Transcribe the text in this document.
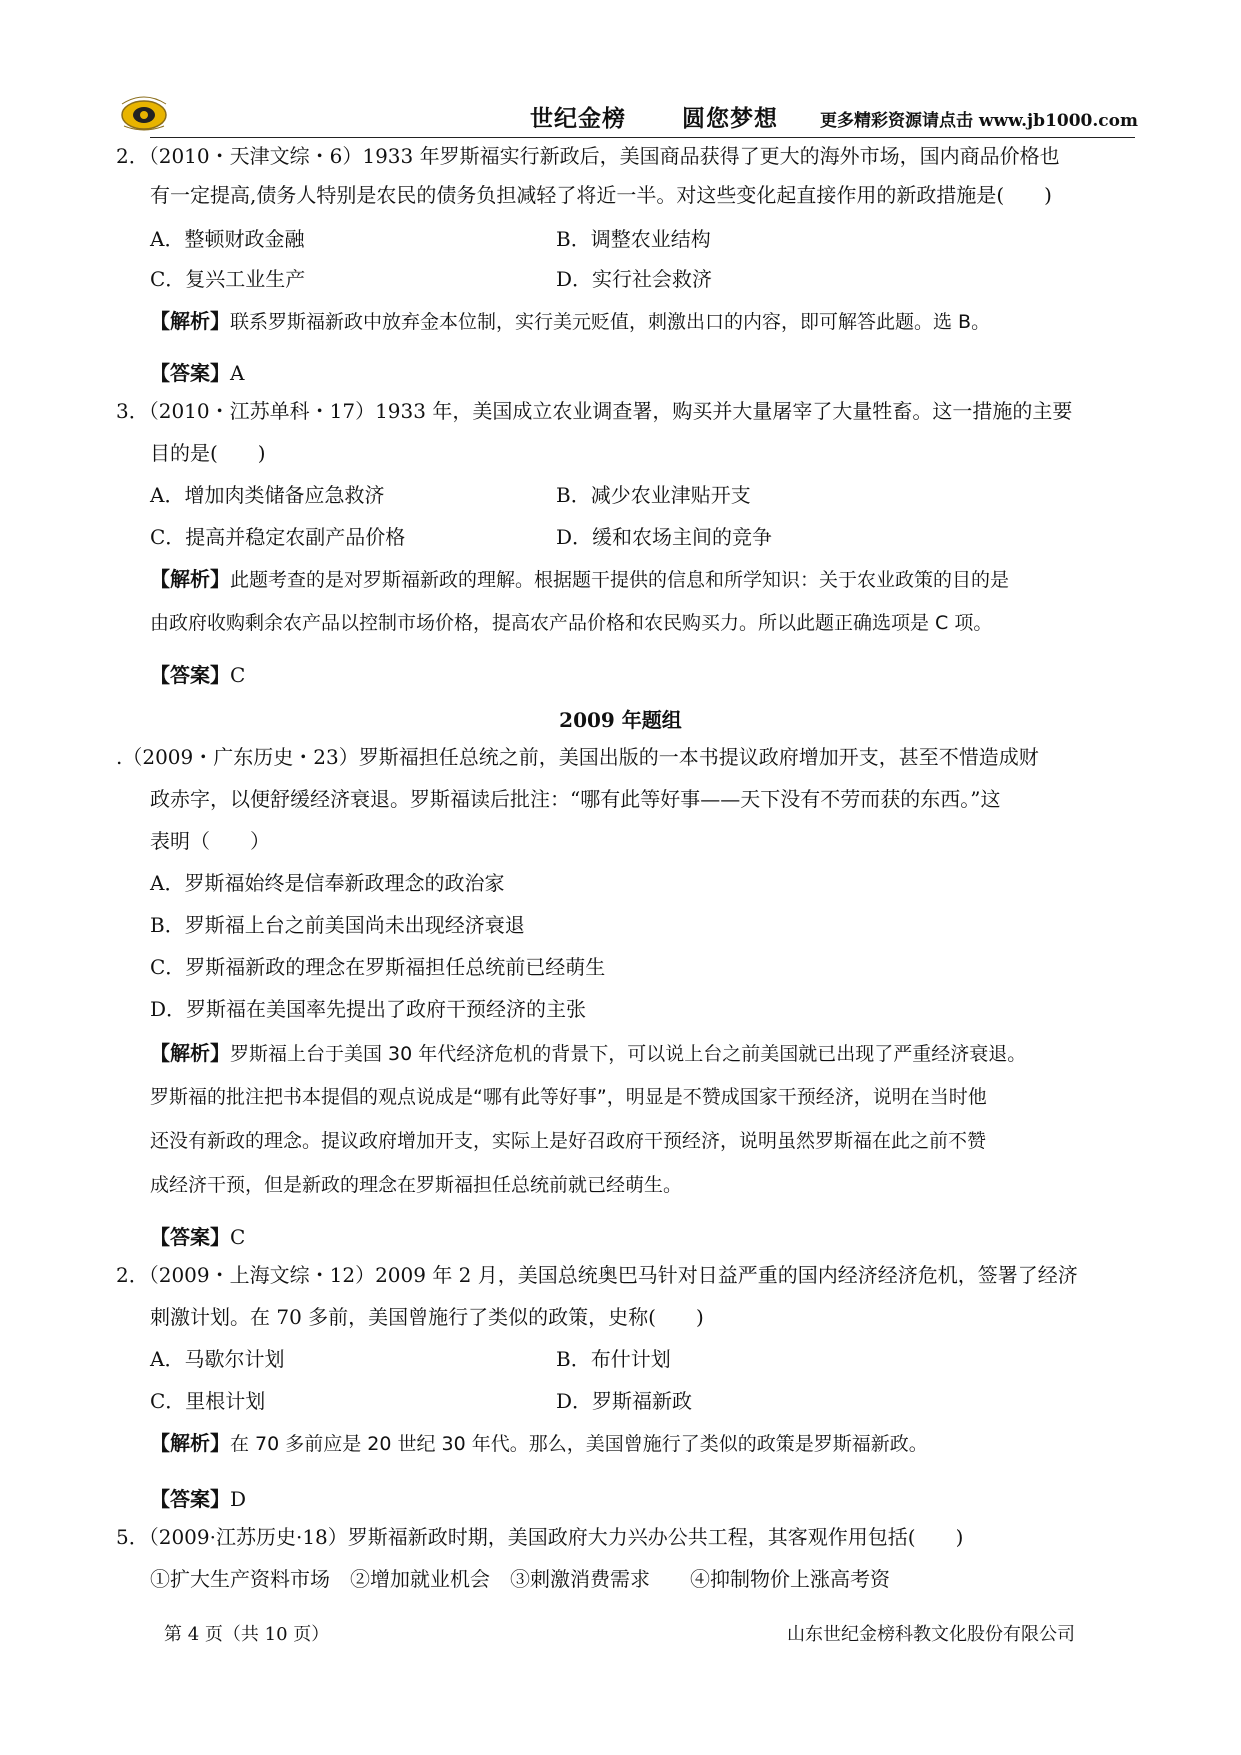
世纪金榜 圆您梦想 更多精彩资源请点击 www.jb1000.com
2．（2010・天津文综・6）1933 年罗斯福实行新政后，美国商品获得了更大的海外市场，国内商品价格也
有一定提高,债务人特别是农民的债务负担减轻了将近一半。对这些变化起直接作用的新政措施是(　　)
A．整顿财政金融	B．调整农业结构
C．复兴工业生产	D．实行社会救济
【解析】联系罗斯福新政中放弃金本位制，实行美元贬值，刺激出口的内容，即可解答此题。选 B。
【答案】A
3．（2010・江苏单科・17）1933 年，美国成立农业调查署，购买并大量屠宰了大量牲畜。这一措施的主要
目的是(　　)
A．增加肉类储备应急救济	B．减少农业津贴开支
C．提高并稳定农副产品价格	D．缓和农场主间的竞争
【解析】此题考查的是对罗斯福新政的理解。根据题干提供的信息和所学知识：关于农业政策的目的是
由政府收购剩余农产品以控制市场价格，提高农产品价格和农民购买力。所以此题正确选项是 C 项。
【答案】C
2009 年题组
.（2009・广东历史・23）罗斯福担任总统之前，美国出版的一本书提议政府增加开支，甚至不惜造成财
政赤字，以便舒缓经济衰退。罗斯福读后批注：“哪有此等好事——天下没有不劳而获的东西。”这
表明（　　）
A．罗斯福始终是信奉新政理念的政治家
B．罗斯福上台之前美国尚未出现经济衰退
C．罗斯福新政的理念在罗斯福担任总统前已经萌生
D．罗斯福在美国率先提出了政府干预经济的主张
【解析】罗斯福上台于美国 30 年代经济危机的背景下，可以说上台之前美国就已出现了严重经济衰退。
罗斯福的批注把书本提倡的观点说成是“哪有此等好事”，明显是不赞成国家干预经济，说明在当时他
还没有新政的理念。提议政府增加开支，实际上是好召政府干预经济，说明虽然罗斯福在此之前不赞
成经济干预，但是新政的理念在罗斯福担任总统前就已经萌生。
【答案】C
2．（2009・上海文综・12）2009 年 2 月，美国总统奥巴马针对日益严重的国内经济经济危机，签署了经济
刺激计划。在 70 多前，美国曾施行了类似的政策，史称(　　)
A．马歇尔计划	B．布什计划
C．里根计划	D．罗斯福新政
【解析】在 70 多前应是 20 世纪 30 年代。那么，美国曾施行了类似的政策是罗斯福新政。
【答案】D
5．（2009·江苏历史·18）罗斯福新政时期，美国政府大力兴办公共工程，其客观作用包括(　　)
①扩大生产资料市场　②增加就业机会　③刺激消费需求　　④抑制物价上涨高考资
第 4 页（共 10 页）	山东世纪金榜科教文化股份有限公司
